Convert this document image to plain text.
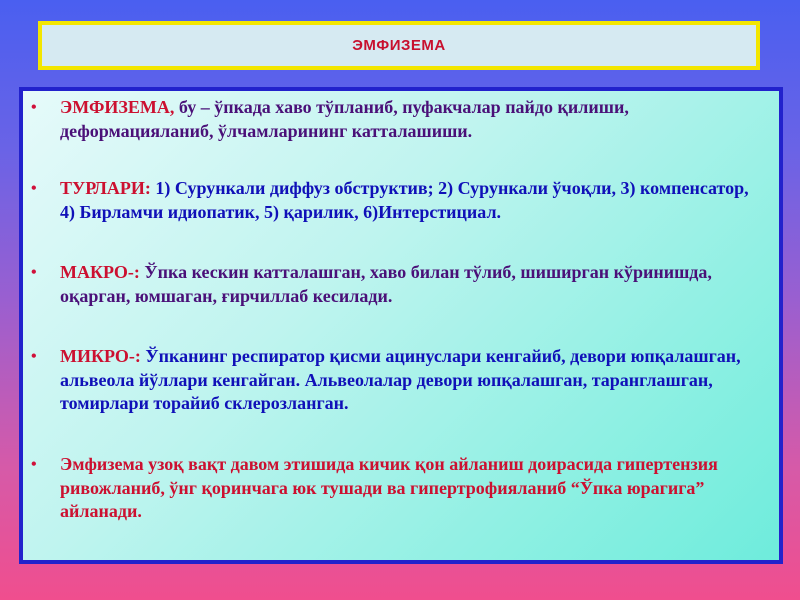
ЭМФИЗЕМА
•	ЭМФИЗЕМА, бу – ўпкада хаво тўпланиб, пуфакчалар пайдо қилиши, деформацияланиб, ўлчамларининг катталашиши.
•	ТУРЛАРИ: 1) Сурункали диффуз обструктив; 2) Сурункали ўчоқли, 3) компенсатор, 4) Бирламчи идиопатик, 5) қарилик, 6)Интерстициал.
•	МАКРО-: Ўпка кескин катталашган, хаво билан тўлиб, шиширган кўринишда, оқарган, юмшаган, ғирчиллаб кесилади.
•	МИКРО-: Ўпканинг респиратор қисми ацинуслари кенгайиб, девори юпқалашган, альвеола йўллари кенгайган. Альвеолалар девори юпқалашган, таранглашган, томирлари торайиб склерозланган.
•	Эмфизема узоқ вақт давом этишида кичик қон айланиш доирасида гипертензия ривожланиб, ўнг қоринчага юк тушади ва гипертрофияланиб “Ўпка юрагига” айланади.
